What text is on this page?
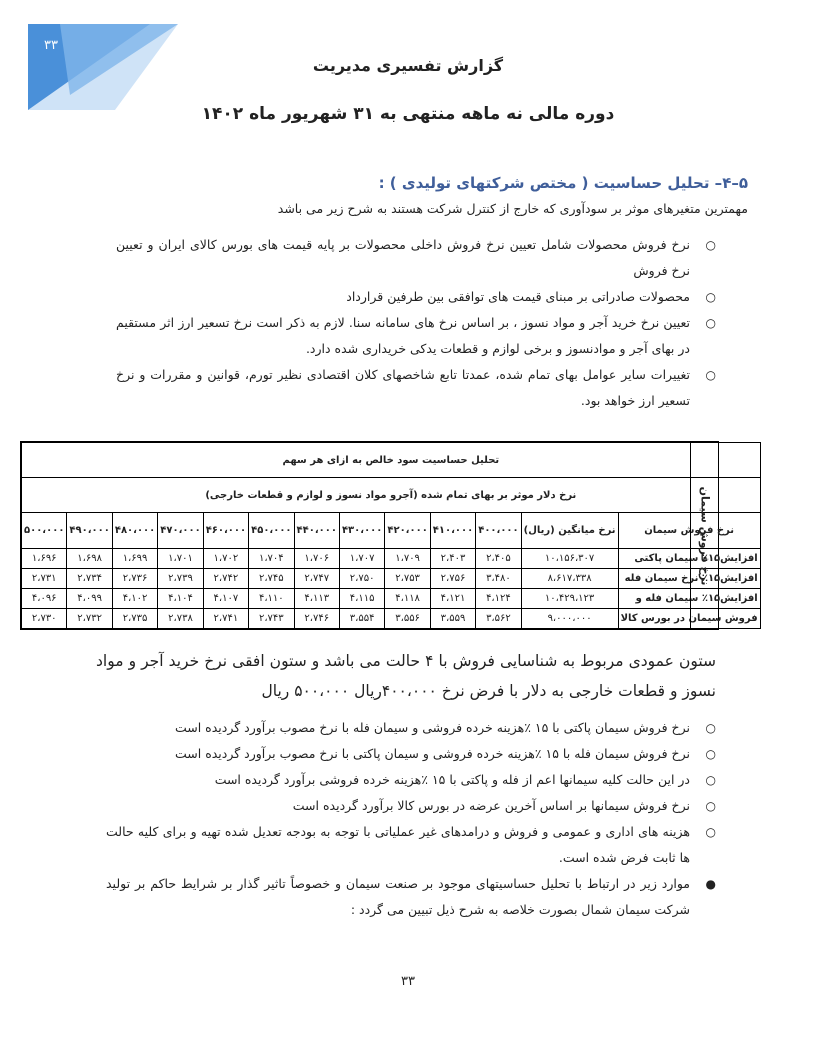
۳۳
گزارش تفسیری مدیریت
دوره مالی نه ماهه منتهی به ۳۱ شهریور ماه ۱۴۰۲
۵–۴– تحلیل حساسیت ( مختص شرکتهای تولیدی ) :
مهمترین متغیرهای موثر بر سودآوری که خارج از کنترل شرکت هستند به شرح زیر می باشد
○
نرخ فروش محصولات شامل تعیین نرخ فروش داخلی محصولات بر پایه قیمت های بورس کالای ایران و تعیین نرخ فروش
○
محصولات صادراتی بر مبنای قیمت های توافقی بین طرفین قرارداد
○
تعیین نرخ خرید آجر و مواد نسوز ، بر اساس نرخ های سامانه سنا. لازم به ذکر است نرخ تسعیر ارز اثر مستقیم در بهای آجر و موادنسوز و برخی لوازم و قطعات یدکی خریداری شده دارد.
○
تغییرات سایر عوامل بهای تمام شده، عمدتا تابع شاخصهای کلان اقتصادی نظیر تورم، قوانین و مقررات و نرخ تسعیر ارز خواهد بود.
تحلیل حساسیت سود خالص به ازای هر سهم												
نرخ دلار موثر بر بهای تمام شده (آجرو مواد نسوز و لوازم و قطعات خارجی)												
نرخ فروش سیمان	نرخ میانگین (ریال)	۴۰۰،۰۰۰	۴۱۰،۰۰۰	۴۲۰،۰۰۰	۴۳۰،۰۰۰	۴۴۰،۰۰۰	۴۵۰،۰۰۰	۴۶۰،۰۰۰	۴۷۰،۰۰۰	۴۸۰،۰۰۰	۴۹۰،۰۰۰	۵۰۰،۰۰۰
افزایش۱۵٪ سیمان پاکتی	۱۰،۱۵۶،۳۰۷	۲،۴۰۵	۲،۴۰۳	۱،۷۰۹	۱،۷۰۷	۱،۷۰۶	۱،۷۰۴	۱،۷۰۲	۱،۷۰۱	۱،۶۹۹	۱،۶۹۸	۱،۶۹۶
افزایش۱۵٪ نرخ سیمان فله	۸،۶۱۷،۳۳۸	۳،۴۸۰	۲،۷۵۶	۲،۷۵۳	۲،۷۵۰	۲،۷۴۷	۲،۷۴۵	۲،۷۴۲	۲،۷۳۹	۲،۷۳۶	۲،۷۳۴	۲،۷۳۱
افزایش۱۵٪ سیمان فله و	۱۰،۴۲۹،۱۲۳	۴،۱۲۴	۴،۱۲۱	۴،۱۱۸	۴،۱۱۵	۴،۱۱۳	۴،۱۱۰	۴،۱۰۷	۴،۱۰۴	۴،۱۰۲	۴،۰۹۹	۴،۰۹۶
فروش سیمان در بورس کالا	۹،۰۰۰،۰۰۰	۳،۵۶۲	۳،۵۵۹	۳،۵۵۶	۳،۵۵۴	۲،۷۴۶	۲،۷۴۳	۲،۷۴۱	۲،۷۳۸	۲،۷۳۵	۲،۷۳۲	۲،۷۳۰
نرخ فروش سیمان
ستون عمودی مربوط به شناسایی فروش با ۴ حالت می باشد و ستون افقی نرخ خرید آجر و مواد نسوز و قطعات خارجی به دلار با فرض نرخ ۴۰۰،۰۰۰ریال ۵۰۰،۰۰۰ ریال
○
نرخ فروش سیمان پاکتی با ۱۵ ٪هزینه خرده فروشی و سیمان فله با نرخ مصوب برآورد گردیده است
○
نرخ فروش سیمان فله با ۱۵ ٪هزینه خرده فروشی و سیمان پاکتی با نرخ مصوب برآورد گردیده است
○
در این حالت کلیه سیمانها اعم از فله و پاکتی با ۱۵ ٪هزینه خرده فروشی برآورد گردیده است
○
نرخ فروش سیمانها بر اساس آخرین عرضه در بورس کالا برآورد گردیده است
○
هزینه های اداری و عمومی و فروش و درامدهای غیر عملیاتی با توجه به بودجه تعدیل شده تهیه و برای کلیه حالت ها ثابت فرض شده است.
●
موارد زیر در ارتباط با تحلیل حساسیتهای موجود بر صنعت سیمان و خصوصاً تاثیر گذار بر شرایط حاکم بر تولید شرکت سیمان شمال بصورت خلاصه به شرح ذیل تبیین می گردد :
۳۳
